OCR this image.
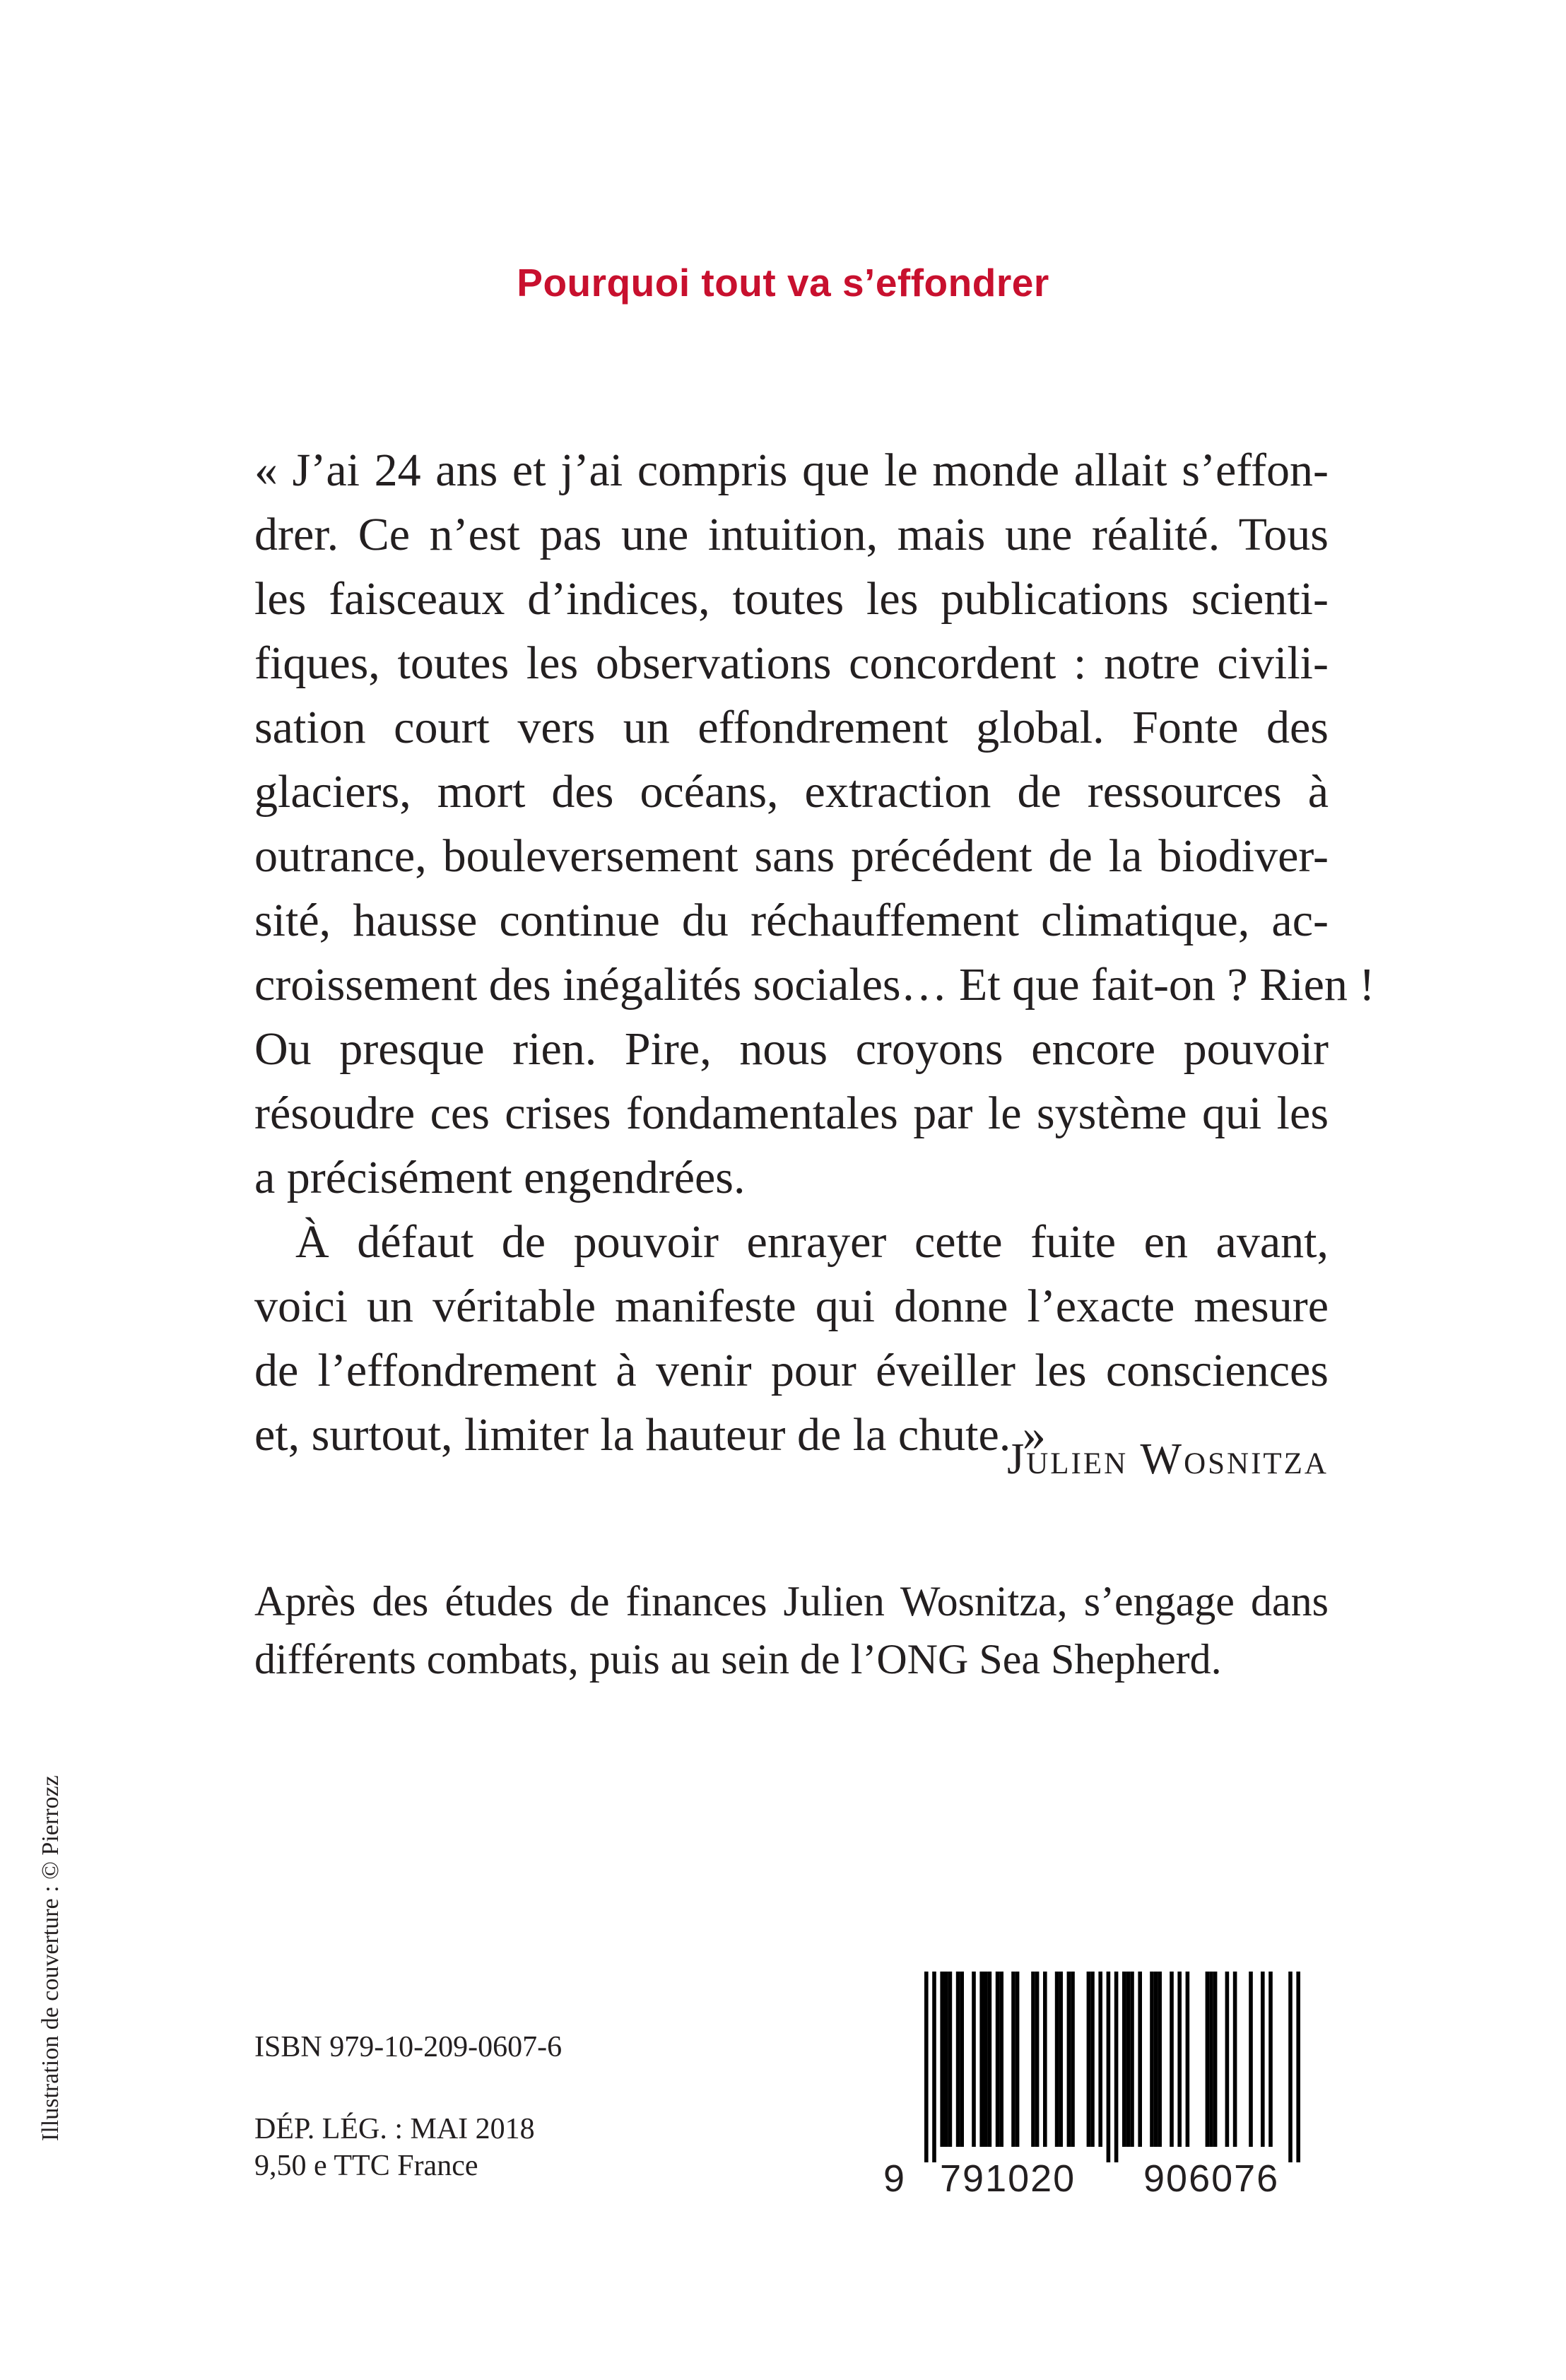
Pourquoi tout va s’effondrer
« J’ai 24 ans et j’ai compris que le monde allait s’effon-
drer. Ce n’est pas une intuition, mais une réalité. Tous
les faisceaux d’indices, toutes les publications scienti-
fiques, toutes les observations concordent : notre civili-
sation court vers un effondrement global. Fonte des
glaciers, mort des océans, extraction de ressources à
outrance, bouleversement sans précédent de la biodiver-
sité, hausse continue du réchauffement climatique, ac-
croissement des inégalités sociales… Et que fait-on ? Rien !
Ou presque rien. Pire, nous croyons encore pouvoir
résoudre ces crises fondamentales par le système qui les
a précisément engendrées.
À défaut de pouvoir enrayer cette fuite en avant,
voici un véritable manifeste qui donne l’exacte mesure
de l’effondrement à venir pour éveiller les consciences
et, surtout, limiter la hauteur de la chute. »
Julien Wosnitza
Après des études de finances Julien Wosnitza, s’engage dans
différents combats, puis au sein de l’ONG Sea Shepherd.
Illustration de couverture : © Pierrozz	ISBN 979-10-209-0607-6
DÉP. LÉG. : MAI 2018
9,50 e TTC France	9 791020	906076
